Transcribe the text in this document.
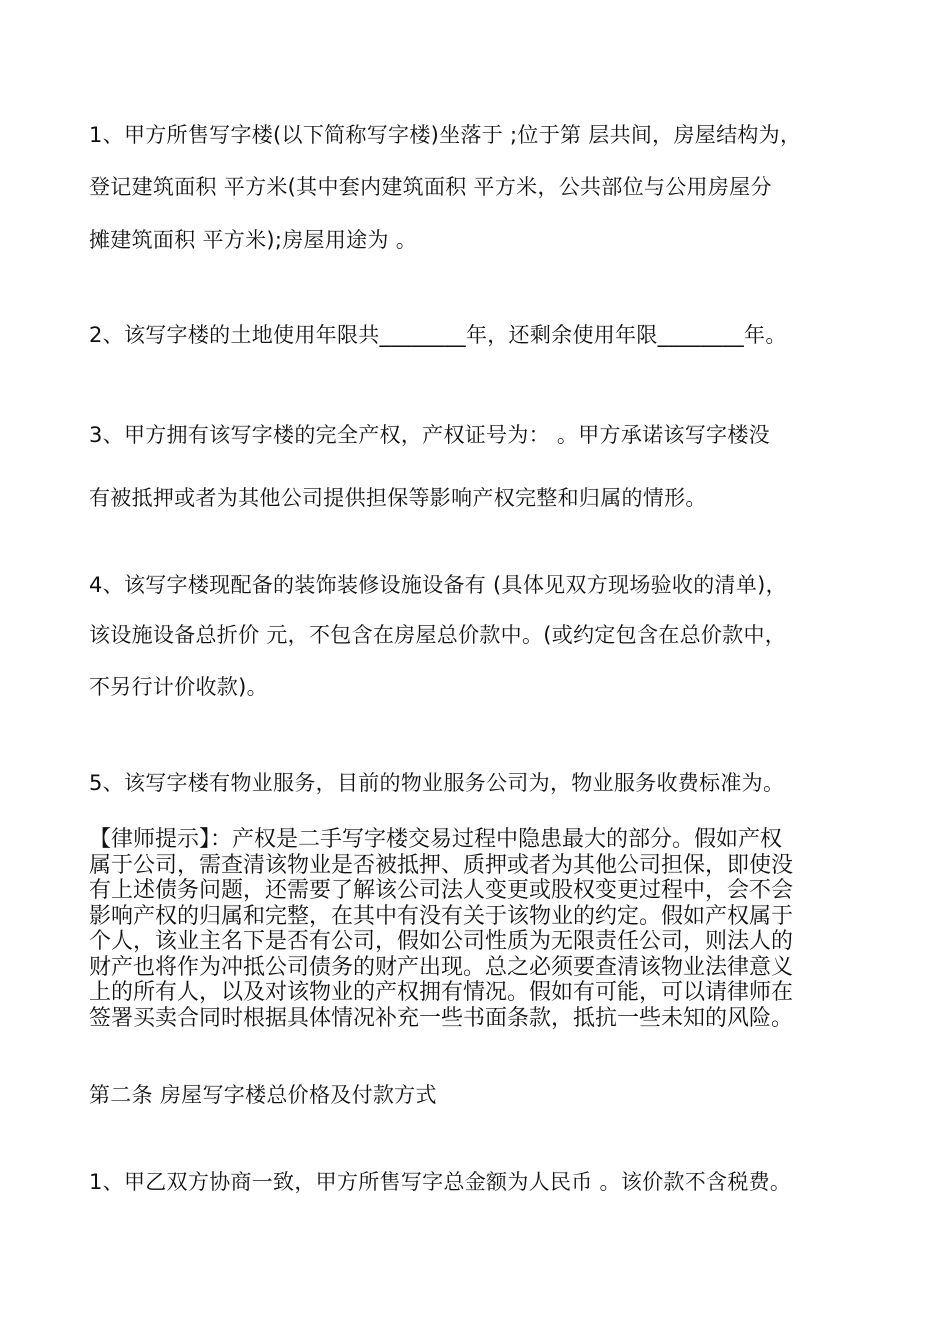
1、甲方所售写字楼(以下简称写字楼)坐落于 ;位于第 层共间，房屋结构为，
登记建筑面积 平方米(其中套内建筑面积 平方米，公共部位与公用房屋分
摊建筑面积 平方米);房屋用途为 。
2、该写字楼的土地使用年限共________年，还剩余使用年限________年。
3、甲方拥有该写字楼的完全产权，产权证号为： 。甲方承诺该写字楼没
有被抵押或者为其他公司提供担保等影响产权完整和归属的情形。
4、该写字楼现配备的装饰装修设施设备有 (具体见双方现场验收的清单)，
该设施设备总折价 元，不包含在房屋总价款中。(或约定包含在总价款中，
不另行计价收款)。
5、该写字楼有物业服务，目前的物业服务公司为，物业服务收费标准为。
【律师提示】：产权是二手写字楼交易过程中隐患最大的部分。假如产权
属于公司，需查清该物业是否被抵押、质押或者为其他公司担保，即使没
有上述债务问题，还需要了解该公司法人变更或股权变更过程中，会不会
影响产权的归属和完整，在其中有没有关于该物业的约定。假如产权属于
个人，该业主名下是否有公司，假如公司性质为无限责任公司，则法人的
财产也将作为冲抵公司债务的财产出现。总之必须要查清该物业法律意义
上的所有人，以及对该物业的产权拥有情况。假如有可能，可以请律师在
签署买卖合同时根据具体情况补充一些书面条款，抵抗一些未知的风险。
第二条 房屋写字楼总价格及付款方式
1、甲乙双方协商一致，甲方所售写字总金额为人民币 。该价款不含税费。
